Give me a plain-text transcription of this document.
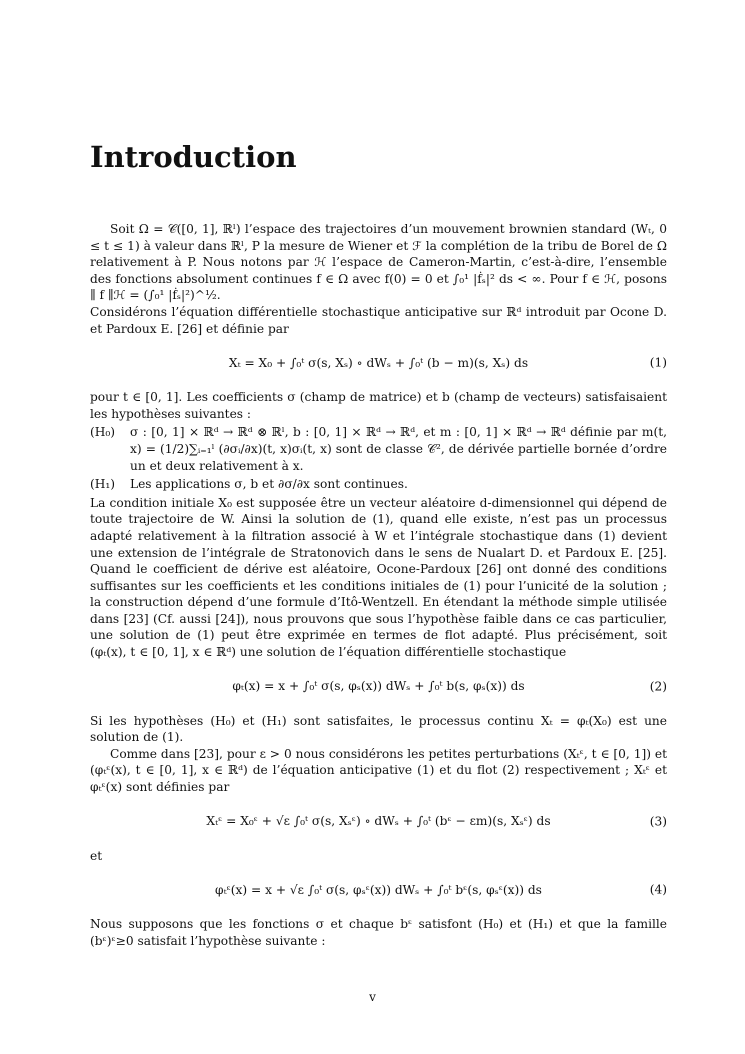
Introduction

Soit Ω = 𝒞([0, 1], ℝˡ) l’espace des trajectoires d’un mouvement brownien standard (Wₜ, 0 ≤ t ≤ 1) à valeur dans ℝˡ, P la mesure de Wiener et ℱ la complétion de la tribu de Borel de Ω relativement à P. Nous notons par ℋ l’espace de Cameron-Martin, c’est-à-dire, l’ensemble des fonctions absolument continues f ∈ Ω avec f(0) = 0 et ∫₀¹ |ḟₛ|² ds < ∞. Pour f ∈ ℋ, posons ∥ f ∥ℋ = (∫₀¹ |ḟₛ|²)^½.

Considérons l’équation différentielle stochastique anticipative sur ℝᵈ introduit par Ocone D. et Pardoux E. [26] et définie par

Xₜ = X₀ + ∫₀ᵗ σ(s, Xₛ) ∘ dWₛ + ∫₀ᵗ (b − m)(s, Xₛ) ds	(1)

pour t ∈ [0, 1]. Les coefficients σ (champ de matrice) et b (champ de vecteurs) satisfaisaient les hypothèses suivantes :

(H₀) σ : [0, 1] × ℝᵈ → ℝᵈ ⊗ ℝˡ, b : [0, 1] × ℝᵈ → ℝᵈ, et m : [0, 1] × ℝᵈ → ℝᵈ définie par m(t, x) = (1/2)∑ᵢ₌₁ˡ (∂σᵢ/∂x)(t, x)σᵢ(t, x) sont de classe 𝒞², de dérivée partielle bornée d’ordre un et deux relativement à x.
(H₁) Les applications σ, b et ∂σ/∂x sont continues.

La condition initiale X₀ est supposée être un vecteur aléatoire d-dimensionnel qui dépend de toute trajectoire de W. Ainsi la solution de (1), quand elle existe, n’est pas un processus adapté relativement à la filtration associé à W et l’intégrale stochastique dans (1) devient une extension de l’intégrale de Stratonovich dans le sens de Nualart D. et Pardoux E. [25]. Quand le coefficient de dérive est aléatoire, Ocone-Pardoux [26] ont donné des conditions suffisantes sur les coefficients et les conditions initiales de (1) pour l’unicité de la solution ; la construction dépend d’une formule d’Itô-Wentzell. En étendant la méthode simple utilisée dans [23] (Cf. aussi [24]), nous prouvons que sous l’hypothèse faible dans ce cas particulier, une solution de (1) peut être exprimée en termes de flot adapté. Plus précisément, soit (φₜ(x), t ∈ [0, 1], x ∈ ℝᵈ) une solution de l’équation différentielle stochastique

φₜ(x) = x + ∫₀ᵗ σ(s, φₛ(x)) dWₛ + ∫₀ᵗ b(s, φₛ(x)) ds	(2)

Si les hypothèses (H₀) et (H₁) sont satisfaites, le processus continu Xₜ = φₜ(X₀) est une solution de (1).

Comme dans [23], pour ε > 0 nous considérons les petites perturbations (Xₜᵋ, t ∈ [0, 1]) et (φₜᵋ(x), t ∈ [0, 1], x ∈ ℝᵈ) de l’équation anticipative (1) et du flot (2) respectivement ; Xₜᵋ et φₜᵋ(x) sont définies par

Xₜᵋ = X₀ᵋ + √ε ∫₀ᵗ σ(s, Xₛᵋ) ∘ dWₛ + ∫₀ᵗ (bᵋ − εm)(s, Xₛᵋ) ds	(3)

et

φₜᵋ(x) = x + √ε ∫₀ᵗ σ(s, φₛᵋ(x)) dWₛ + ∫₀ᵗ bᵋ(s, φₛᵋ(x)) ds	(4)

Nous supposons que les fonctions σ et chaque bᵋ satisfont (H₀) et (H₁) et que la famille (bᵋ)ᵋ≥0 satisfait l’hypothèse suivante :

v
